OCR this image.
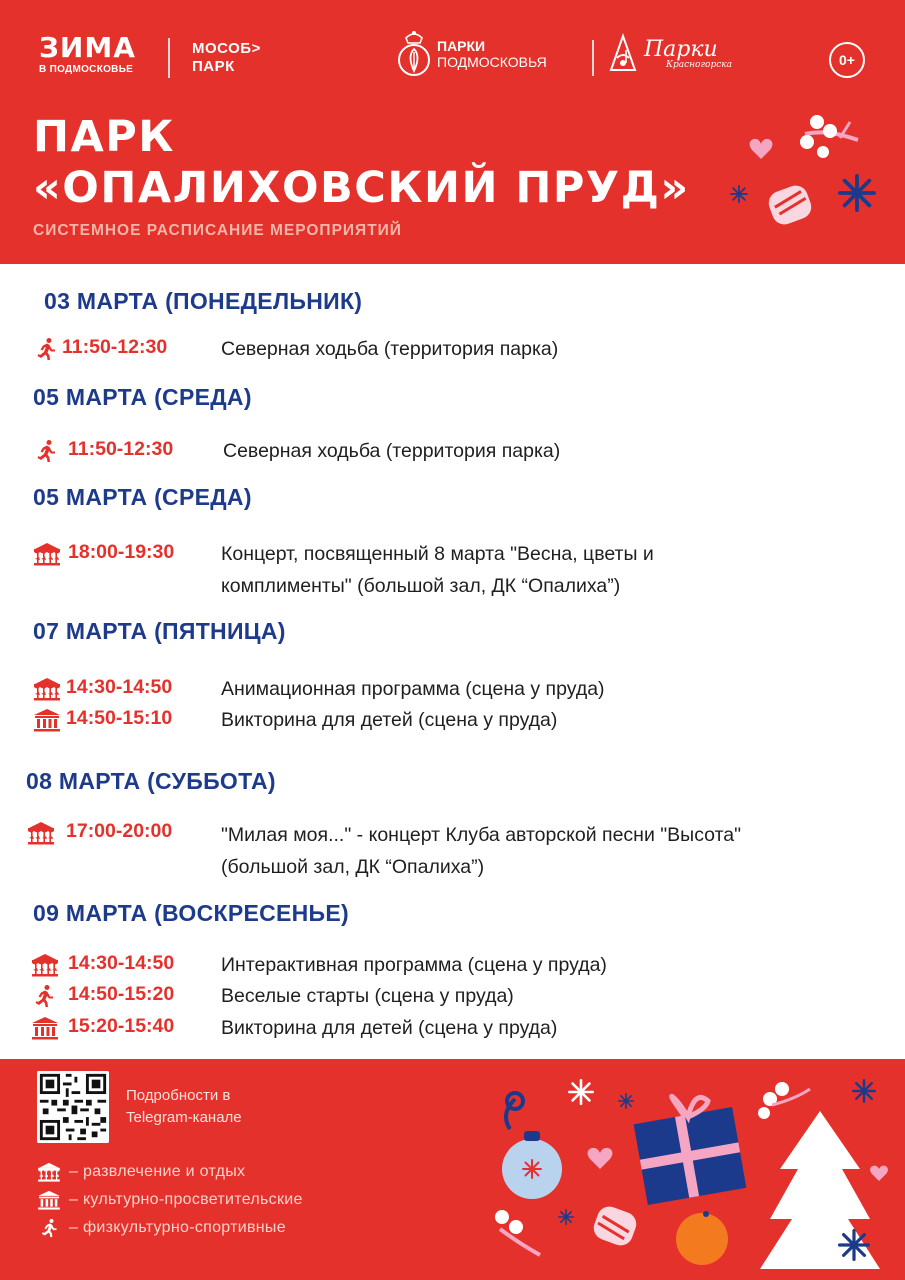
ЗИМА
В ПОДМОСКОВЬЕ
МОСОБ>
ПАРК
ПАРКИ
ПОДМОСКОВЬЯ
Парки
Красногорска	0+
ПАРК
«ОПАЛИХОВСКИЙ ПРУД»
СИСТЕМНОЕ РАСПИСАНИЕ МЕРОПРИЯТИЙ
03 МАРТА (ПОНЕДЕЛЬНИК)
11:50-12:30	Северная ходьба (территория парка)
05 МАРТА (СРЕДА)
11:50-12:30	Северная ходьба (территория парка)
05 МАРТА (СРЕДА)
18:00-19:30 Концерт, посвященный 8 марта "Весна, цветы и
комплименты" (большой зал, ДК “Опалиха”)
07 МАРТА (ПЯТНИЦА)
14:30-14:50	Анимационная программа (сцена у пруда)
14:50-15:10	Викторина для детей (сцена у пруда)
08 МАРТА (СУББОТА)
17:00-20:00	"Милая моя..." - концерт Клуба авторской песни "Высота"
(большой зал, ДК “Опалиха”)
09 МАРТА (ВОСКРЕСЕНЬЕ)
14:30-14:50 Интерактивная программа (сцена у пруда)
14:50-15:20 Веселые старты (сцена у пруда)
15:20-15:40 Викторина для детей (сцена у пруда)
Подробности в
Telegram-канале
– развлечение и отдых
– культурно-просветительские
– физкультурно-спортивные
